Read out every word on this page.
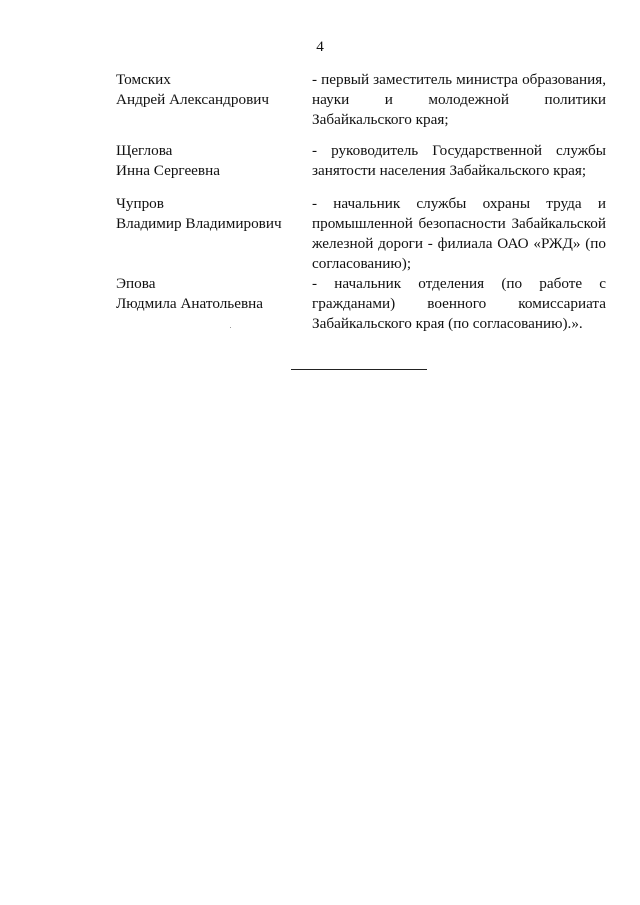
4
Томских
Андрей Александрович
- первый заместитель министра образования, науки и молодежной политики Забайкальского края;
Щеглова
Инна Сергеевна
- руководитель Государственной службы занятости населения Забайкальского края;
Чупров
Владимир Владимирович
- начальник службы охраны труда и промышленной безопасности Забайкальской железной дороги - филиала ОАО «РЖД» (по согласованию);
Эпова
Людмила Анатольевна
- начальник отделения (по работе с гражданами) военного комиссариата Забайкальского края (по согласованию).».
